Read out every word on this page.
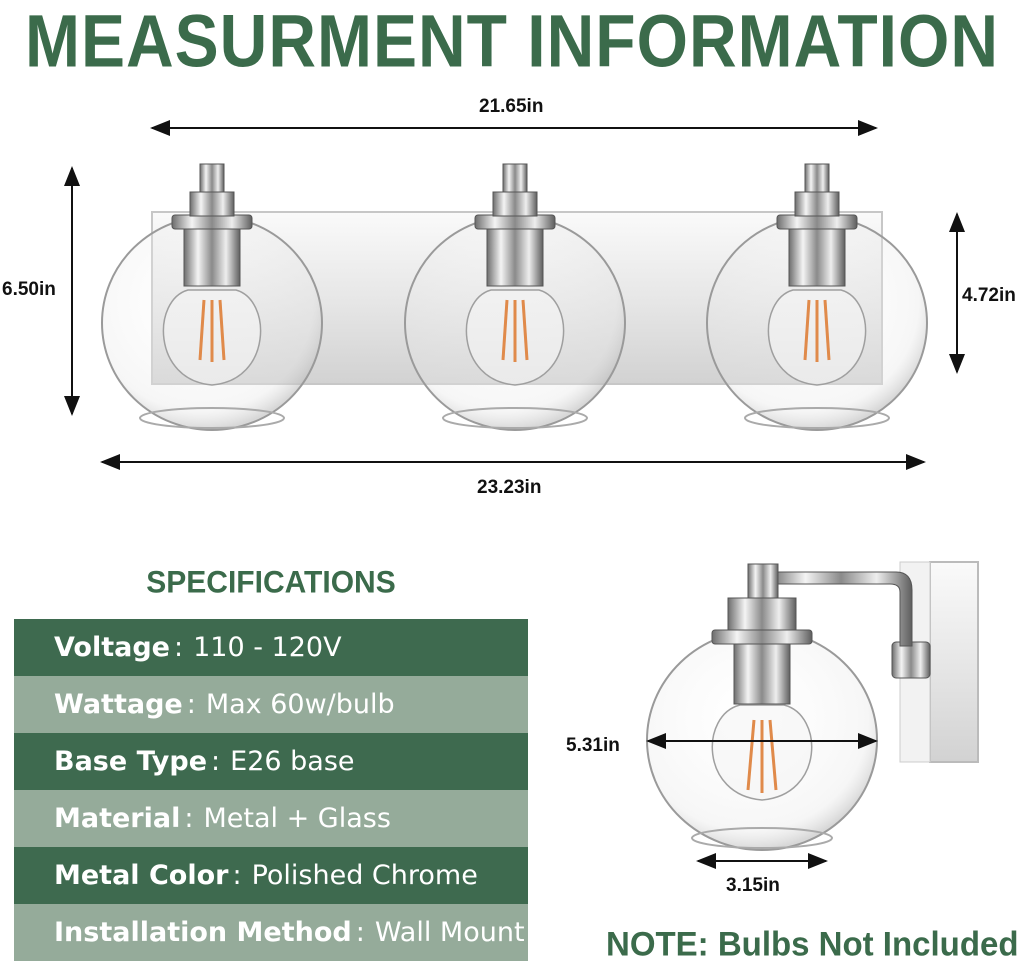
MEASURMENT INFORMATION
21.65in
6.50in	4.72in
23.23in
5.31in
3.15in
SPECIFICATIONS
Voltage : 110 - 120V
Wattage : Max 60w/bulb
Base Type : E26 base
Material : Metal + Glass
Metal Color : Polished Chrome
Installation Method : Wall Mount NOTE: Bulbs Not Included
